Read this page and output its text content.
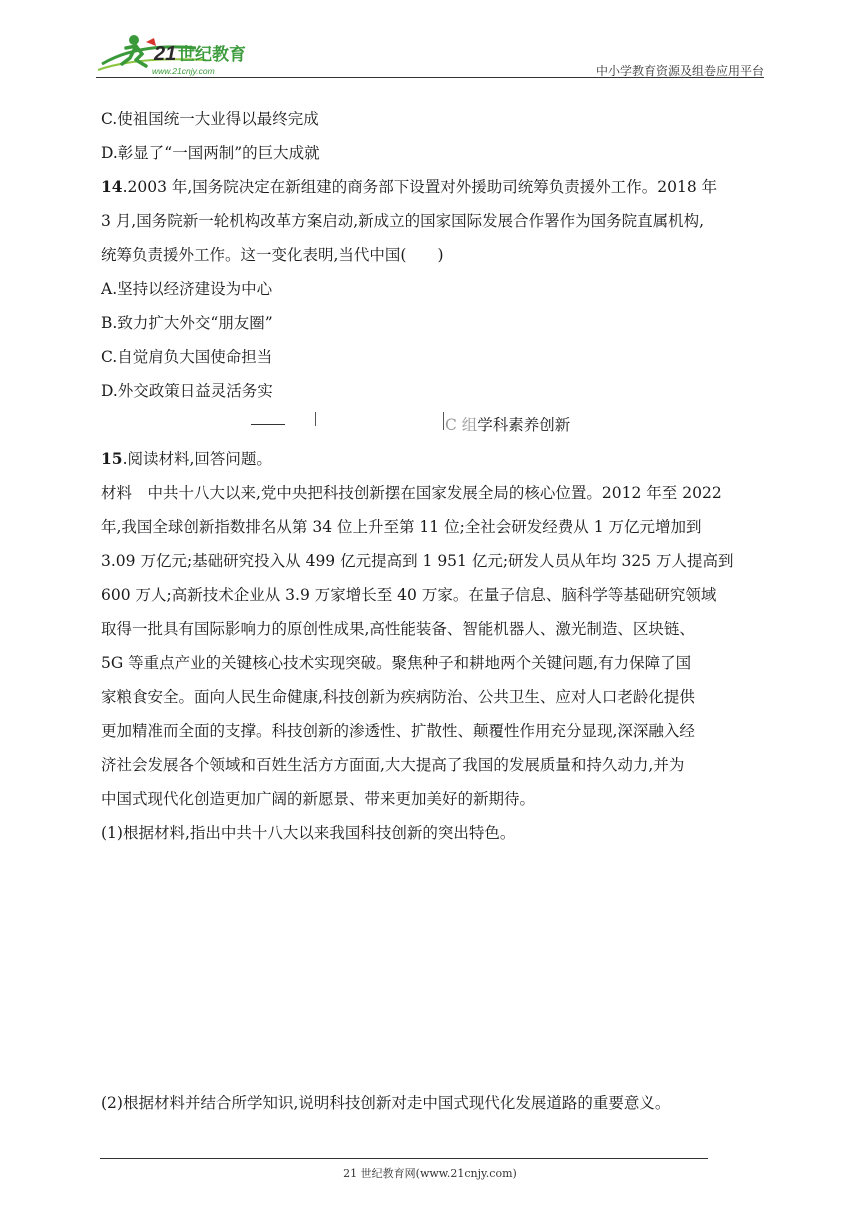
21 世纪教育
www.21cnjy.com	中小学教育资源及组卷应用平台
C.使祖国统一大业得以最终完成
D.彰显了“一国两制”的巨大成就
14.2003 年,国务院决定在新组建的商务部下设置对外援助司统筹负责援外工作。2018 年
3 月,国务院新一轮机构改革方案启动,新成立的国家国际发展合作署作为国务院直属机构,
统筹负责援外工作。这一变化表明,当代中国(　　)
A.坚持以经济建设为中心
B.致力扩大外交“朋友圈”
C.自觉肩负大国使命担当
D.外交政策日益灵活务实
C 组学科素养创新
15.阅读材料,回答问题。
材料　中共十八大以来,党中央把科技创新摆在国家发展全局的核心位置。2012 年至 2022
年,我国全球创新指数排名从第 34 位上升至第 11 位;全社会研发经费从 1 万亿元增加到
3.09 万亿元;基础研究投入从 499 亿元提高到 1 951 亿元;研发人员从年均 325 万人提高到
600 万人;高新技术企业从 3.9 万家增长至 40 万家。在量子信息、脑科学等基础研究领域
取得一批具有国际影响力的原创性成果,高性能装备、智能机器人、激光制造、区块链、
5G 等重点产业的关键核心技术实现突破。聚焦种子和耕地两个关键问题,有力保障了国
家粮食安全。面向人民生命健康,科技创新为疾病防治、公共卫生、应对人口老龄化提供
更加精准而全面的支撑。科技创新的渗透性、扩散性、颠覆性作用充分显现,深深融入经
济社会发展各个领域和百姓生活方方面面,大大提高了我国的发展质量和持久动力,并为
中国式现代化创造更加广阔的新愿景、带来更加美好的新期待。
(1)根据材料,指出中共十八大以来我国科技创新的突出特色。
(2)根据材料并结合所学知识,说明科技创新对走中国式现代化发展道路的重要意义。
21 世纪教育网(www.21cnjy.com)
